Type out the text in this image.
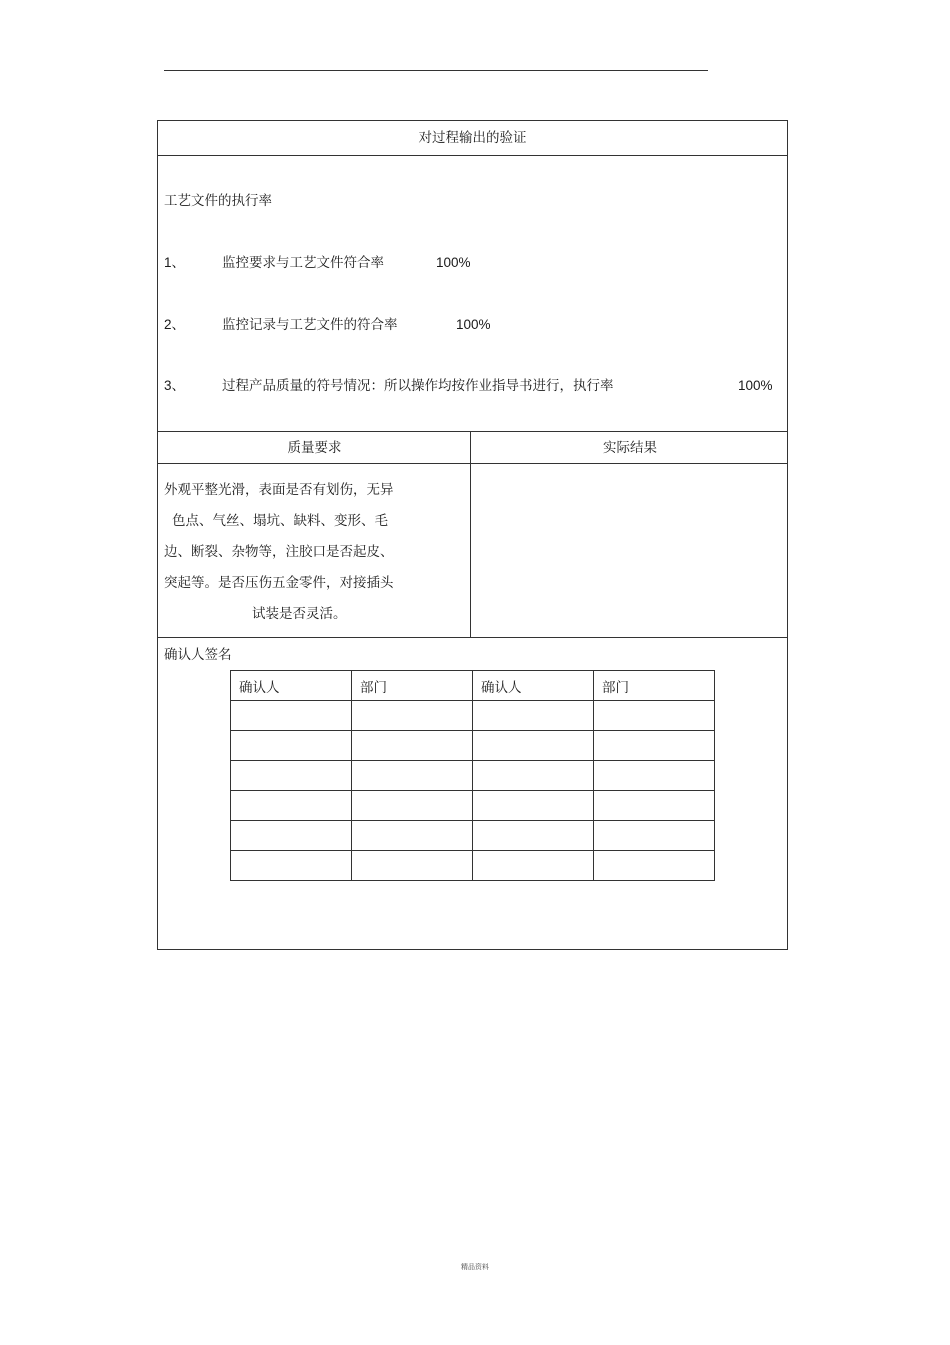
对过程输出的验证
工艺文件的执行率
1、	监控要求与工艺文件符合率	100%
2、	监控记录与工艺文件的符合率	100%
3、	过程产品质量的符号情况：所以操作均按作业指导书进行，执行率	100%
质量要求	实际结果
外观平整光滑，表面是否有划伤，无异
色点、气丝、塌坑、缺料、变形、毛
边、断裂、杂物等，注胶口是否起皮、
突起等。是否压伤五金零件，对接插头
试装是否灵活。
确认人签名
确认人	部门	确认人	部门

精品资料
